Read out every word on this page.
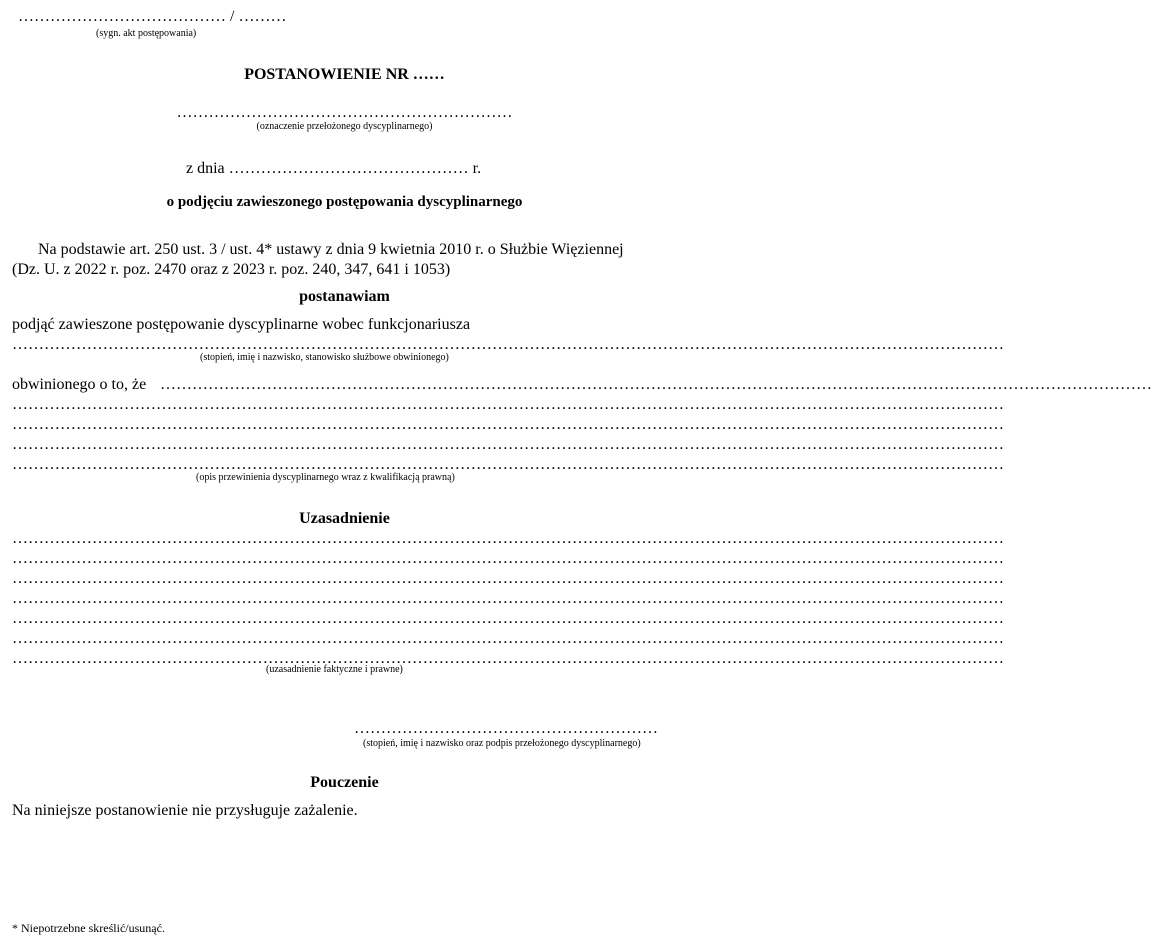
………………………………… / ………
(sygn. akt postępowania)
POSTANOWIENIE NR ……
………………………………………………………
(oznaczenie przełożonego dyscyplinarnego)
z dnia ……………………………………… r.
o podjęciu zawieszonego postępowania dyscyplinarnego
Na podstawie art. 250 ust. 3 / ust. 4* ustawy z dnia 9 kwietnia 2010 r. o Służbie Więziennej
(Dz. U. z 2022 r. poz. 2470 oraz z 2023 r. poz. 240, 347, 641 i 1053)
postanawiam
podjąć zawieszone postępowanie dyscyplinarne wobec funkcjonariusza
……………………………………………………………………………………………………………………………………………………………………
(stopień, imię i nazwisko, stanowisko służbowe obwinionego)
obwinionego o to, że ……………………………………………………………………………………………………………………………………………………………………
……………………………………………………………………………………………………………………………………………………………………
……………………………………………………………………………………………………………………………………………………………………
……………………………………………………………………………………………………………………………………………………………………
……………………………………………………………………………………………………………………………………………………………………
(opis przewinienia dyscyplinarnego wraz z kwalifikacją prawną)
Uzasadnienie
……………………………………………………………………………………………………………………………………………………………………
……………………………………………………………………………………………………………………………………………………………………
……………………………………………………………………………………………………………………………………………………………………
……………………………………………………………………………………………………………………………………………………………………
……………………………………………………………………………………………………………………………………………………………………
……………………………………………………………………………………………………………………………………………………………………
……………………………………………………………………………………………………………………………………………………………………
(uzasadnienie faktyczne i prawne)
…………………………………………………
(stopień, imię i nazwisko oraz podpis przełożonego dyscyplinarnego)
Pouczenie
Na niniejsze postanowienie nie przysługuje zażalenie.
* Niepotrzebne skreślić/usunąć.
